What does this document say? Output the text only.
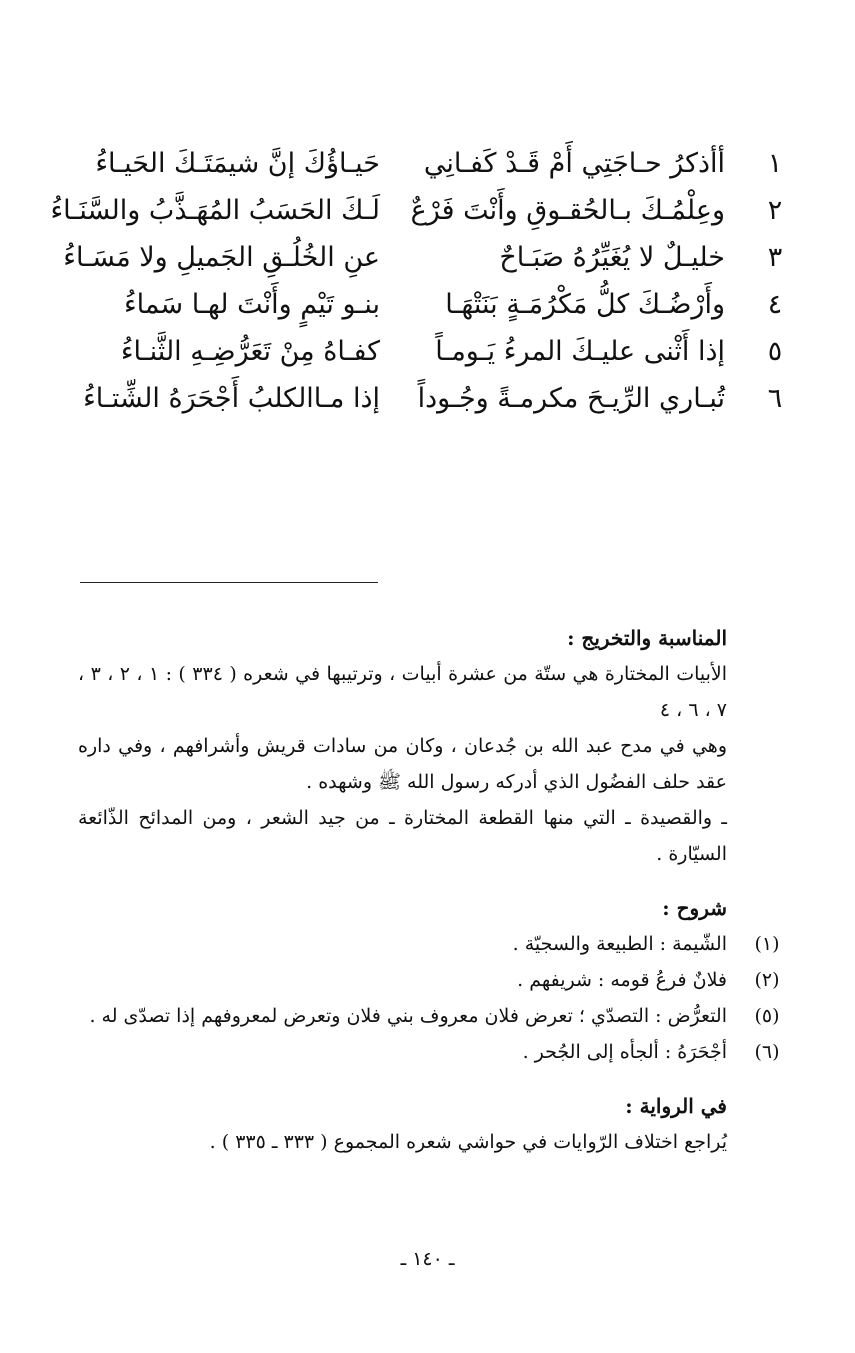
١
أأذكرُ حـاجَتِي أَمْ قَـدْ كَفـانِي
حَيـاؤُكَ إنَّ شيمَتَـكَ الحَيـاءُ
٢
وعِلْمُـكَ بـالحُقـوقِ وأَنْتَ فَرْعٌ
لَـكَ الحَسَبُ المُهَـذَّبُ والسَّنَـاءُ
٣
خليـلٌ لا يُغَيِّرُهُ صَبَـاحٌ
عنِ الخُلُـقِ الجَميلِ ولا مَسَـاءُ
٤
وأَرْضُـكَ كلُّ مَكْرُمَـةٍ بَنَتْهَـا
بنـو تَيْمٍ وأَنْتَ لهـا سَماءُ
٥
إذا أَثْنى عليـكَ المرءُ يَـومـاً
كفـاهُ مِنْ تَعَرُّضِـهِ الثَّنـاءُ
٦
تُبـاري الرِّيـحَ مكرمـةً وجُـوداً
إذا مـاالكلبُ أَجْحَرَهُ الشِّتـاءُ

المناسبة والتخريج :

الأبيات المختارة هي ستّة من عشرة أبيات ، وترتيبها في شعره ( ٣٣٤ ) : ١ ، ٢ ، ٣ ، ٧ ، ٦ ، ٤

وهي في مدح عبد الله بن جُدعان ، وكان من سادات قريش وأشرافهم ، وفي داره عقد حلف الفضُول الذي أدركه رسول الله ﷺ وشهده .

ـ والقصيدة ـ التي منها القطعة المختارة ـ من جيد الشعر ، ومن المدائح الذّائعة السيّارة .

شروح :

(١)
الشّيمة : الطبيعة والسجيّة .
(٢)
فلانٌ فرعُ قومه : شريفهم .
(٥)
التعرُّض : التصدّي ؛ تعرض فلان معروف بني فلان وتعرض لمعروفهم إذا تصدّى له .
(٦)
أجْحَرَهُ : ألجأه إلى الجُحر .

في الرواية :

يُراجع اختلاف الرّوايات في حواشي شعره المجموع ( ٣٣٣ ـ ٣٣٥ ) .

ـ ١٤٠ ـ
